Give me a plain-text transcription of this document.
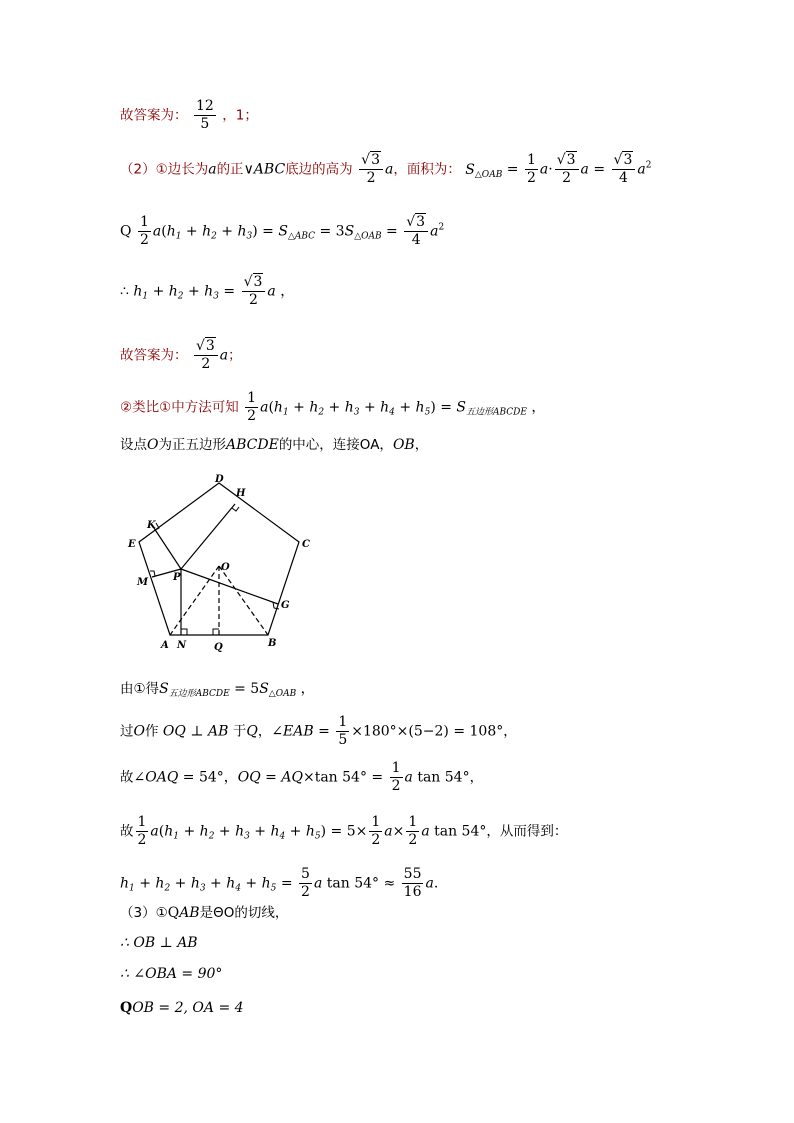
故答案为： $\frac{12}{5}$ ，1；
（2）①边长为a的正∨ABC底边的高为 $\frac{√3}{2}$ a，面积为： $S_{\triangle OAB} = \frac{1}{2} a\cdot \frac{√3}{2}$ $a = \frac{√3}{4} a^2$
Q $\frac{1}{2} a(h_1 + h_2 + h_3) = S_{\triangle ABC} = 3S_{\triangle OAB} = \frac{√3}{4} a^2$
∴ $h_1 + h_2 + h_3 = \frac{√3}{2}$ a ，
故答案为： $\frac{√3}{2}$ a；
②类比①中方法可知 $\frac{1}{2} a(h_1 + h_2 + h_3 + h_4 + h_5) = S_{五边形ABCDE}$ ，
设点O为正五边形ABCDE的中心，连接OA，OB，
D
H
C
K
E
P
O
M
G
A N	Q	B
由①得$S_{五边形ABCDE} = 5S_{\triangle OAB}$ ，
过O作 OQ ⊥ AB 于Q，∠EAB = $\frac{1}{5} \times 180^\circ\times(5-2) = 108^\circ$，
故∠OAQ = 54°，OQ = AQ×tan $54^\circ = \frac{1}{2}$ a tan 54°，
故 $\frac{1}{2} a(h_1 + h_2 + h_3 + h_4 + h_5) = 5\times \frac{1}{2} a\times \frac{1}{2}$ a tan 54°，从而得到：
$h_1 + h_2 + h_3 + h_4 + h_5 = \frac{5}{2}$ a $\tan 54^\circ \approx \frac{55}{16} a$.
（3）①QAB是ΘO的切线，
∴ OB ⊥ AB
∴ ∠OBA = 90°
QOB = 2, OA = 4
